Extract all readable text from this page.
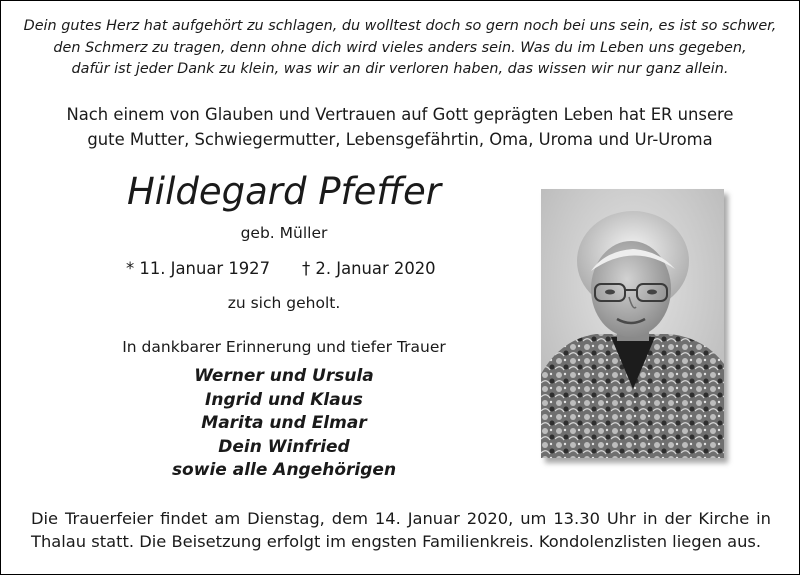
Dein gutes Herz hat aufgehört zu schlagen, du wolltest doch so gern noch bei uns sein, es ist so schwer,
den Schmerz zu tragen, denn ohne dich wird vieles anders sein. Was du im Leben uns gegeben,
dafür ist jeder Dank zu klein, was wir an dir verloren haben, das wissen wir nur ganz allein.
Nach einem von Glauben und Vertrauen auf Gott geprägten Leben hat ER unsere
gute Mutter, Schwiegermutter, Lebensgefährtin, Oma, Uroma und Ur-Uroma
Hildegard Pfeffer
geb. Müller
* 11. Januar 1927 † 2. Januar 2020
zu sich geholt.
In dankbarer Erinnerung und tiefer Trauer
Werner und Ursula
Ingrid und Klaus
Marita und Elmar
Dein Winfried
sowie alle Angehörigen
Die Trauerfeier findet am Dienstag, dem 14. Januar 2020, um 13.30 Uhr in der Kirche in
Thalau statt. Die Beisetzung erfolgt im engsten Familienkreis. Kondolenzlisten liegen aus.
